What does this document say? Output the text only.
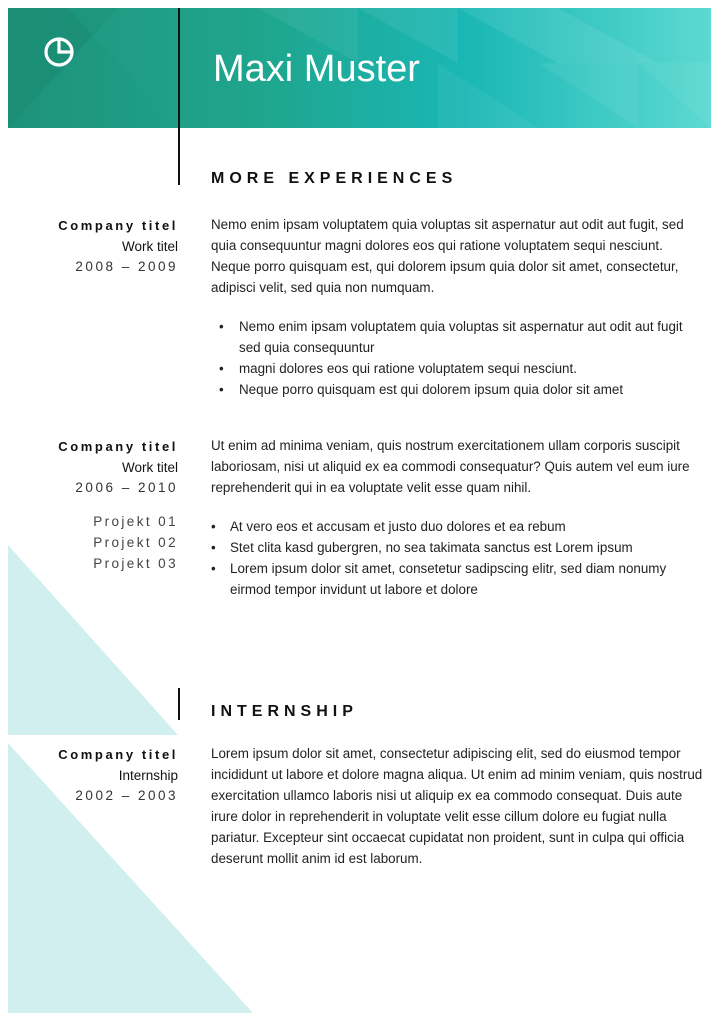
Maxi Muster
MORE EXPERIENCES
Company titel
Work titel
2008 – 2009

Nemo enim ipsam voluptatem quia voluptas sit aspernatur aut odit aut fugit, sed quia consequuntur magni dolores eos qui ratione voluptatem sequi nesciunt. Neque porro quisquam est, qui dolorem ipsum quia dolor sit amet, consectetur, adipisci velit, sed quia non numquam.

• Nemo enim ipsam voluptatem quia voluptas sit aspernatur aut odit aut fugit sed quia consequuntur
• magni dolores eos qui ratione voluptatem sequi nesciunt.
• Neque porro quisquam est qui dolorem ipsum quia dolor sit amet
Company titel
Work titel
2006 – 2010
Projekt 01
Projekt 02
Projekt 03

Ut enim ad minima veniam, quis nostrum exercitationem ullam corporis suscipit laboriosam, nisi ut aliquid ex ea commodi consequatur? Quis autem vel eum iure reprehenderit qui in ea voluptate velit esse quam nihil.

• At vero eos et accusam et justo duo dolores et ea rebum
• Stet clita kasd gubergren, no sea takimata sanctus est Lorem ipsum
• Lorem ipsum dolor sit amet, consetetur sadipscing elitr, sed diam nonumy eirmod tempor invidunt ut labore et dolore
INTERNSHIP
Company titel
Internship
2002 – 2003

Lorem ipsum dolor sit amet, consectetur adipiscing elit, sed do eiusmod tempor incididunt ut labore et dolore magna aliqua. Ut enim ad minim veniam, quis nostrud exercitation ullamco laboris nisi ut aliquip ex ea commodo consequat. Duis aute irure dolor in reprehenderit in voluptate velit esse cillum dolore eu fugiat nulla pariatur. Excepteur sint occaecat cupidatat non proident, sunt in culpa qui officia deserunt mollit anim id est laborum.
